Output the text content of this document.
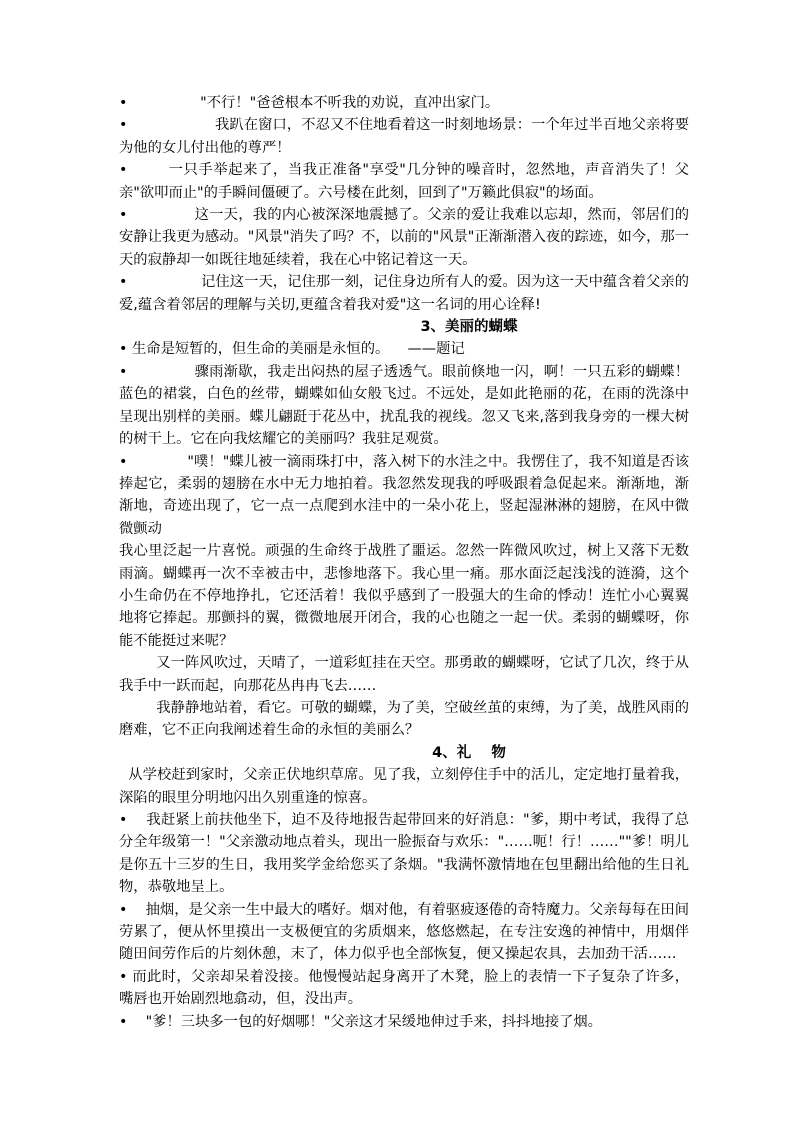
•                "不行！"爸爸根本不听我的劝说，直冲出家门。

•                   我趴在窗口，不忍又不住地看着这一时刻地场景：一个年过半百地父亲将要为他的女儿付出他的尊严！

•        一只手举起来了，当我正准备"享受"几分钟的噪音时，忽然地，声音消失了！父亲"欲叩而止"的手瞬间僵硬了。六号楼在此刻，回到了"万籁此俱寂"的场面。

•              这一天，我的内心被深深地震撼了。父亲的爱让我难以忘却，然而，邻居们的安静让我更为感动。"风景"消失了吗？不，以前的"风景"正渐渐潜入夜的踪迹，如今，那一天的寂静却一如既往地延续着，我在心中铭记着这一天。

•                记住这一天，记住那一刻，记住身边所有人的爱。因为这一天中蕴含着父亲的爱,蕴含着邻居的理解与关切,更蕴含着我对爱"这一名词的用心诠释!

3、美丽的蝴蝶

• 生命是短暂的，但生命的美丽是永恒的。    ——题记

•              骤雨渐歇，我走出闷热的屋子透透气。眼前倏地一闪，啊！一只五彩的蝴蝶！蓝色的裙裳，白色的丝带，蝴蝶如仙女般飞过。不远处，是如此艳丽的花，在雨的洗涤中呈现出别样的美丽。蝶儿翩跹于花丛中，扰乱我的视线。忽又飞来,落到我身旁的一棵大树的树干上。它在向我炫耀它的美丽吗？我驻足观赏。

•             "噗！"蝶儿被一滴雨珠打中，落入树下的水洼之中。我愣住了，我不知道是否该捧起它，柔弱的翅膀在水中无力地拍着。我忽然发现我的呼吸跟着急促起来。渐渐地，渐渐地，奇迹出现了，它一点一点爬到水洼中的一朵小花上，竖起湿淋淋的翅膀，在风中微微颤动

我心里泛起一片喜悦。顽强的生命终于战胜了噩运。忽然一阵微风吹过，树上又落下无数雨滴。蝴蝶再一次不幸被击中，悲惨地落下。我心里一痛。那水面泛起浅浅的涟漪，这个小生命仍在不停地挣扎，它还活着！我似乎感到了一股强大的生命的悸动！连忙小心翼翼地将它捧起。那颤抖的翼，微微地展开闭合，我的心也随之一起一伏。柔弱的蝴蝶呀，你能不能挺过来呢？

又一阵风吹过，天晴了，一道彩虹挂在天空。那勇敢的蝴蝶呀，它试了几次，终于从我手中一跃而起，向那花丛冉冉飞去……

我静静地站着，看它。可敬的蝴蝶，为了美，空破丝茧的束缚，为了美，战胜风雨的磨难，它不正向我阐述着生命的永恒的美丽么？

4、礼    物

从学校赶到家时，父亲正伏地织草席。见了我，立刻停住手中的活儿，定定地打量着我，深陷的眼里分明地闪出久别重逢的惊喜。

•    我赶紧上前扶他坐下，迫不及待地报告起带回来的好消息："爹，期中考试，我得了总分全年级第一！"父亲激动地点着头，现出一脸振奋与欢乐："……呃！行！……""爹！明儿是你五十三岁的生日，我用奖学金给您买了条烟。"我满怀激情地在包里翻出给他的生日礼物，恭敬地呈上。

•    抽烟，是父亲一生中最大的嗜好。烟对他，有着驱疲逐倦的奇特魔力。父亲每每在田间劳累了，便从怀里摸出一支极便宜的劣质烟来，悠悠燃起，在专注安逸的神情中，用烟伴随田间劳作后的片刻休憩，末了，体力似乎也全部恢复，便又操起农具，去加劲干活……

• 而此时，父亲却呆着没接。他慢慢站起身离开了木凳，脸上的表情一下子复杂了许多，嘴唇也开始剧烈地翕动，但，没出声。

•    "爹！三块多一包的好烟哪！"父亲这才呆缓地伸过手来，抖抖地接了烟。
